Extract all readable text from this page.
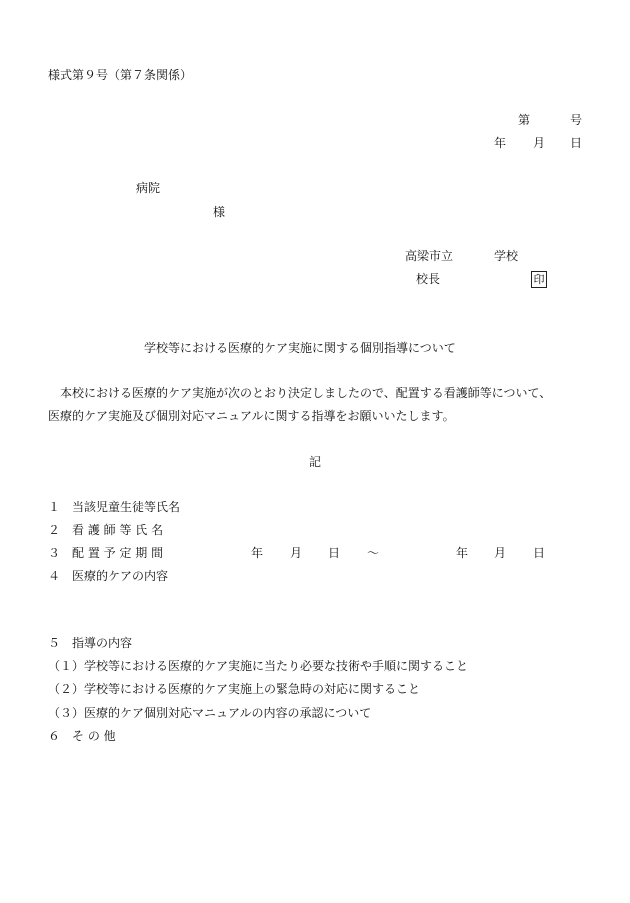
様式第９号（第７条関係）
第	号
年 月 日
病院
様
高梁市立	学校
校長	印
学校等における医療的ケア実施に関する個別指導について
本校における医療的ケア実施が次のとおり決定しましたので、配置する看護師等について、
医療的ケア実施及び個別対応マニュアルに関する指導をお願いいたします。
記
１ 当該児童生徒等氏名
２ 看 護 師 等 氏 名
３ 配 置 予 定 期 間	年 月 日 ～	年 月 日
４ 医療的ケアの内容
５ 指導の内容
（１）学校等における医療的ケア実施に当たり必要な技術や手順に関すること
（２）学校等における医療的ケア実施上の緊急時の対応に関すること
（３）医療的ケア個別対応マニュアルの内容の承認について
６ そ の 他
